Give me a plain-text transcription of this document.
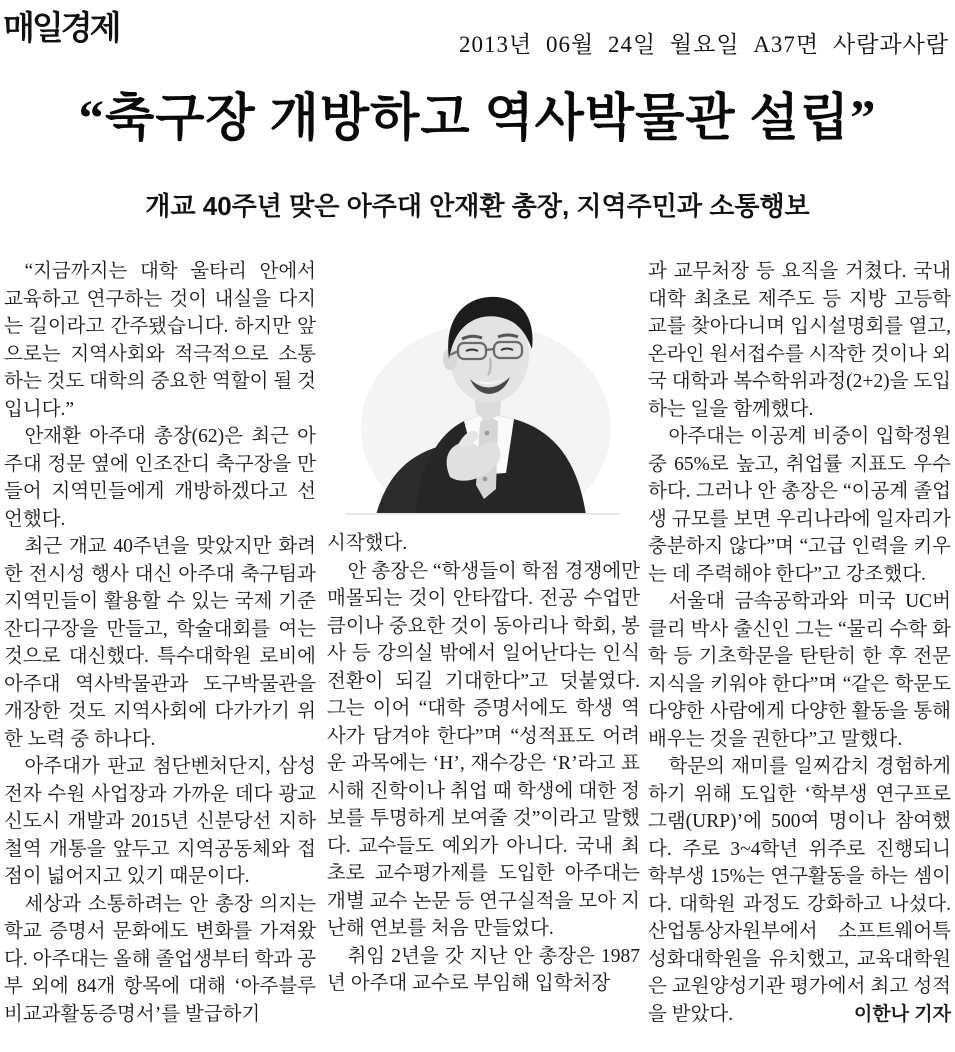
매일경제	2013년 06월 24일 월요일 A37면 사람과사람
“축구장 개방하고 역사박물관 설립”
개교 40주년 맞은 아주대 안재환 총장, 지역주민과 소통행보

“지금까지는 대학 울타리 안에서 교육하고 연구하는 것이 내실을 다지는 길이라고 간주됐습니다. 하지만 앞으로는 지역사회와 적극적으로 소통하는 것도 대학의 중요한 역할이 될 것입니다.”

안재환 아주대 총장(62)은 최근 아주대 정문 옆에 인조잔디 축구장을 만들어 지역민들에게 개방하겠다고 선언했다.

최근 개교 40주년을 맞았지만 화려한 전시성 행사 대신 아주대 축구팀과 지역민들이 활용할 수 있는 국제 기준 잔디구장을 만들고, 학술대회를 여는 것으로 대신했다. 특수대학원 로비에 아주대 역사박물관과 도구박물관을 개장한 것도 지역사회에 다가가기 위한 노력 중 하나다.

아주대가 판교 첨단벤처단지, 삼성전자 수원 사업장과 가까운 데다 광교신도시 개발과 2015년 신분당선 지하철역 개통을 앞두고 지역공동체와 접점이 넓어지고 있기 때문이다.

세상과 소통하려는 안 총장 의지는 학교 증명서 문화에도 변화를 가져왔다. 아주대는 올해 졸업생부터 학과 공부 외에 84개 항목에 대해 ‘아주블루 비교과활동증명서’를 발급하기

시작했다.

안 총장은 “학생들이 학점 경쟁에만 매몰되는 것이 안타깝다. 전공 수업만큼이나 중요한 것이 동아리나 학회, 봉사 등 강의실 밖에서 일어난다는 인식 전환이 되길 기대한다”고 덧붙였다. 그는 이어 “대학 증명서에도 학생 역사가 담겨야 한다”며 “성적표도 어려운 과목에는 ‘H’, 재수강은 ‘R’라고 표시해 진학이나 취업 때 학생에 대한 정보를 투명하게 보여줄 것”이라고 말했다. 교수들도 예외가 아니다. 국내 최초로 교수평가제를 도입한 아주대는 개별 교수 논문 등 연구실적을 모아 지난해 연보를 처음 만들었다.

취임 2년을 갓 지난 안 총장은 1987년 아주대 교수로 부임해 입학처장

과 교무처장 등 요직을 거쳤다. 국내 대학 최초로 제주도 등 지방 고등학교를 찾아다니며 입시설명회를 열고, 온라인 원서접수를 시작한 것이나 외국 대학과 복수학위과정(2+2)을 도입하는 일을 함께했다.

아주대는 이공계 비중이 입학정원 중 65%로 높고, 취업률 지표도 우수하다. 그러나 안 총장은 “이공계 졸업생 규모를 보면 우리나라에 일자리가 충분하지 않다”며 “고급 인력을 키우는 데 주력해야 한다”고 강조했다.

서울대 금속공학과와 미국 UC버클리 박사 출신인 그는 “물리 수학 화학 등 기초학문을 탄탄히 한 후 전문지식을 키워야 한다”며 “같은 학문도 다양한 사람에게 다양한 활동을 통해 배우는 것을 권한다”고 말했다.

학문의 재미를 일찌감치 경험하게 하기 위해 도입한 ‘학부생 연구프로그램(URP)’에 500여 명이나 참여했다. 주로 3~4학년 위주로 진행되니 학부생 15%는 연구활동을 하는 셈이다. 대학원 과정도 강화하고 나섰다. 산업통상자원부에서 소프트웨어특성화대학원을 유치했고, 교육대학원은 교원양성기관 평가에서 최고 성적을 받았다.	이한나 기자
